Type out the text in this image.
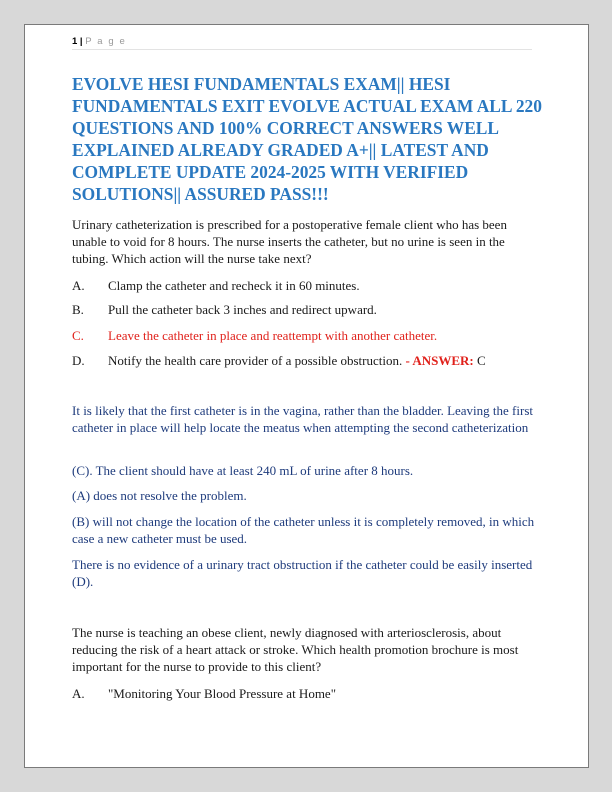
1 | P a g e
EVOLVE HESI FUNDAMENTALS EXAM|| HESI FUNDAMENTALS EXIT EVOLVE ACTUAL EXAM ALL 220 QUESTIONS AND 100% CORRECT ANSWERS WELL EXPLAINED ALREADY GRADED A+|| LATEST AND COMPLETE UPDATE 2024-2025 WITH VERIFIED SOLUTIONS|| ASSURED PASS!!!
Urinary catheterization is prescribed for a postoperative female client who has been unable to void for 8 hours. The nurse inserts the catheter, but no urine is seen in the tubing. Which action will the nurse take next?
A. Clamp the catheter and recheck it in 60 minutes.
B. Pull the catheter back 3 inches and redirect upward.
C. Leave the catheter in place and reattempt with another catheter.
D. Notify the health care provider of a possible obstruction. - ANSWER: C
It is likely that the first catheter is in the vagina, rather than the bladder. Leaving the first catheter in place will help locate the meatus when attempting the second catheterization
(C). The client should have at least 240 mL of urine after 8 hours.
(A) does not resolve the problem.
(B) will not change the location of the catheter unless it is completely removed, in which case a new catheter must be used.
There is no evidence of a urinary tract obstruction if the catheter could be easily inserted (D).
The nurse is teaching an obese client, newly diagnosed with arteriosclerosis, about reducing the risk of a heart attack or stroke. Which health promotion brochure is most important for the nurse to provide to this client?
A. "Monitoring Your Blood Pressure at Home"
